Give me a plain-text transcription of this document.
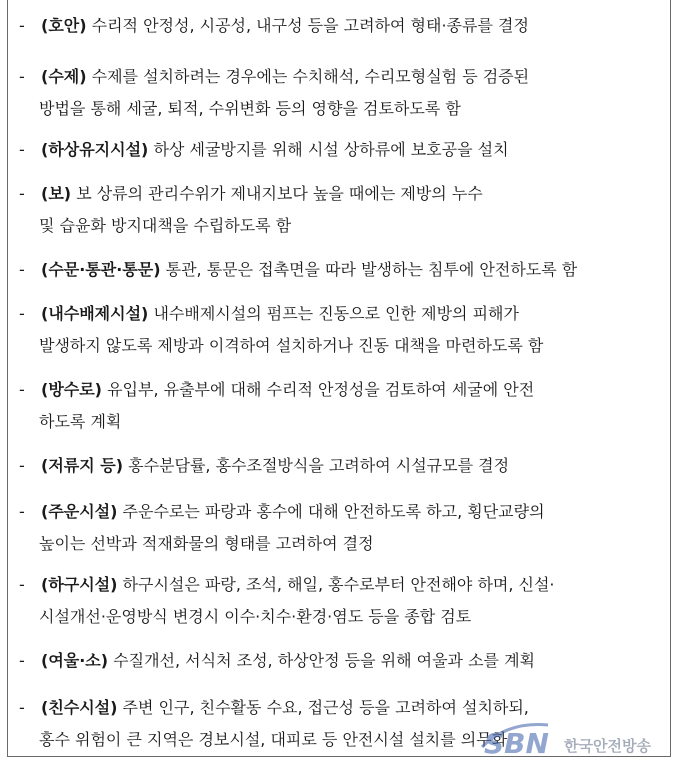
- (호안) 수리적 안정성, 시공성, 내구성 등을 고려하여 형태·종류를 결정
- (수제) 수제를 설치하려는 경우에는 수치해석, 수리모형실험 등 검증된
방법을 통해 세굴, 퇴적, 수위변화 등의 영향을 검토하도록 함
- (하상유지시설) 하상 세굴방지를 위해 시설 상하류에 보호공을 설치
- (보) 보 상류의 관리수위가 제내지보다 높을 때에는 제방의 누수
및 습윤화 방지대책을 수립하도록 함
- (수문·통관·통문) 통관, 통문은 접촉면을 따라 발생하는 침투에 안전하도록 함
- (내수배제시설) 내수배제시설의 펌프는 진동으로 인한 제방의 피해가
발생하지 않도록 제방과 이격하여 설치하거나 진동 대책을 마련하도록 함
- (방수로) 유입부, 유출부에 대해 수리적 안정성을 검토하여 세굴에 안전
하도록 계획
- (저류지 등) 홍수분담률, 홍수조절방식을 고려하여 시설규모를 결정
- (주운시설) 주운수로는 파랑과 홍수에 대해 안전하도록 하고, 횡단교량의
높이는 선박과 적재화물의 형태를 고려하여 결정
- (하구시설) 하구시설은 파랑, 조석, 해일, 홍수로부터 안전해야 하며, 신설·
시설개선·운영방식 변경시 이수·치수·환경·염도 등을 종합 검토
- (여울·소) 수질개선, 서식처 조성, 하상안정 등을 위해 여울과 소를 계획
- (친수시설) 주변 인구, 친수활동 수요, 접근성 등을 고려하여 설치하되,
홍수 위험이 큰 지역은 경보시설, 대피로 등 안전시설 설치를 의무화
SBN 한국안전방송
